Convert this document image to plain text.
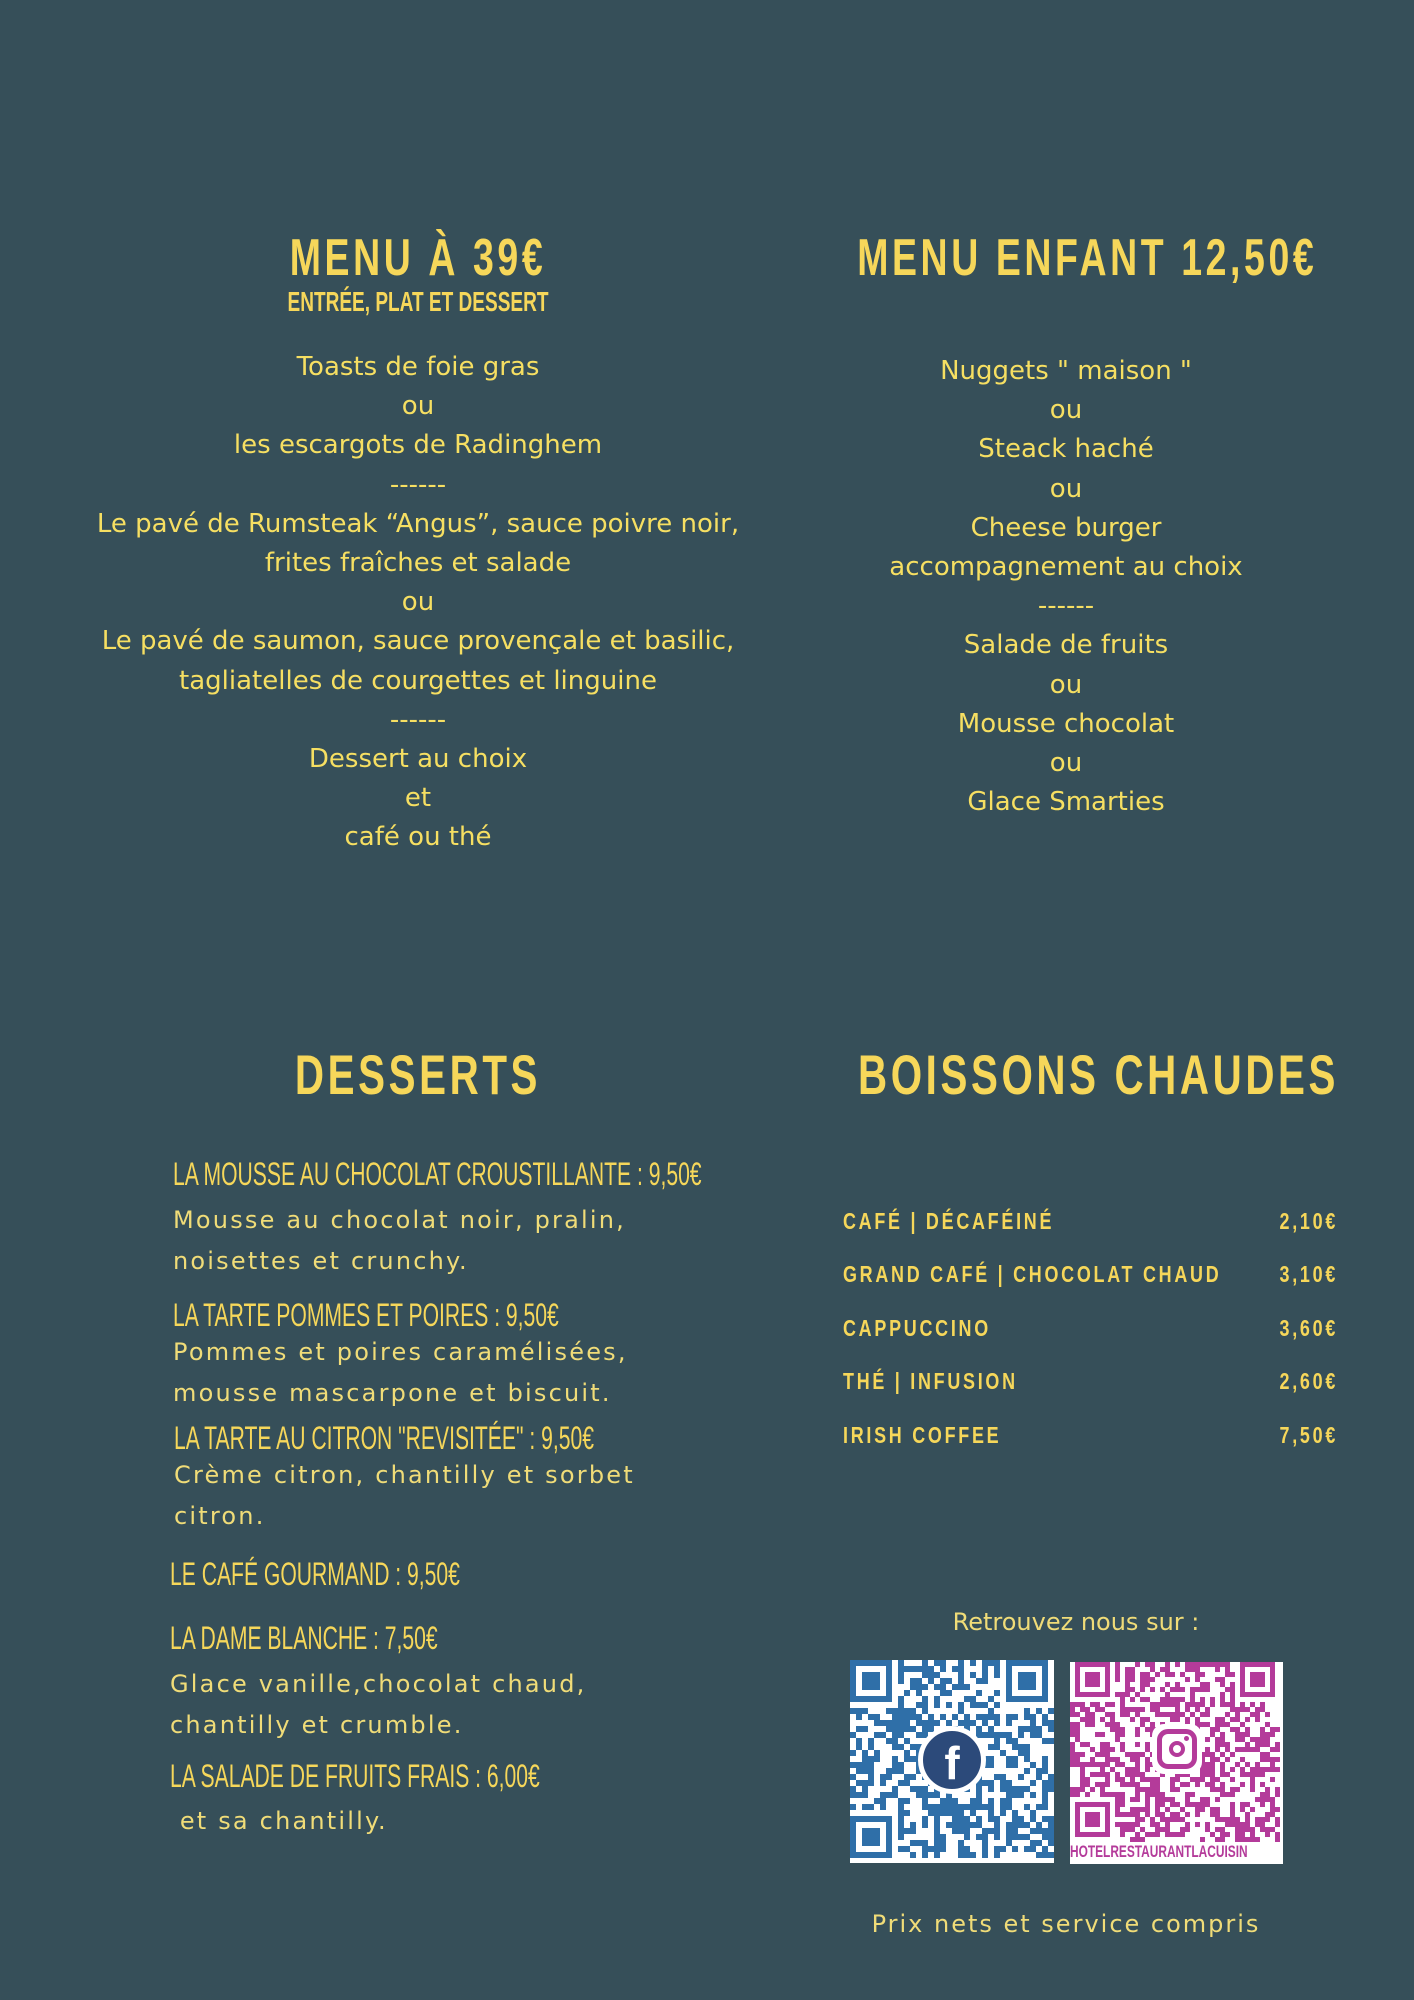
MENU À 39€
ENTRÉE, PLAT ET DESSERT
Toasts de foie gras
ou
les escargots de Radinghem
------
Le pavé de Rumsteak “Angus”, sauce poivre noir,
frites fraîches et salade
ou
Le pavé de saumon, sauce provençale et basilic,
tagliatelles de courgettes et linguine
------
Dessert au choix
et
café ou thé
MENU ENFANT 12,50€
Nuggets " maison "
ou
Steack haché
ou
Cheese burger
accompagnement au choix
------
Salade de fruits
ou
Mousse chocolat
ou
Glace Smarties
DESSERTS
LA MOUSSE AU CHOCOLAT CROUSTILLANTE : 9,50€
Mousse au chocolat noir, pralin,
noisettes et crunchy.
LA TARTE POMMES ET POIRES : 9,50€
Pommes et poires caramélisées,
mousse mascarpone et biscuit.
LA TARTE AU CITRON "REVISITÉE" : 9,50€
Crème citron, chantilly et sorbet
citron.
LE CAFÉ GOURMAND : 9,50€
LA DAME BLANCHE : 7,50€
Glace vanille,chocolat chaud,
chantilly et crumble.
LA SALADE DE FRUITS FRAIS : 6,00€
et sa chantilly.
BOISSONS CHAUDES
CAFÉ | DÉCAFÉINÉ	2,10€
GRAND CAFÉ | CHOCOLAT CHAUD	3,10€
CAPPUCCINO	3,60€
THÉ | INFUSION	2,60€
IRISH COFFEE	7,50€
Retrouvez nous sur :
f
HOTELRESTAURANTLACUISIN
Prix nets et service compris
